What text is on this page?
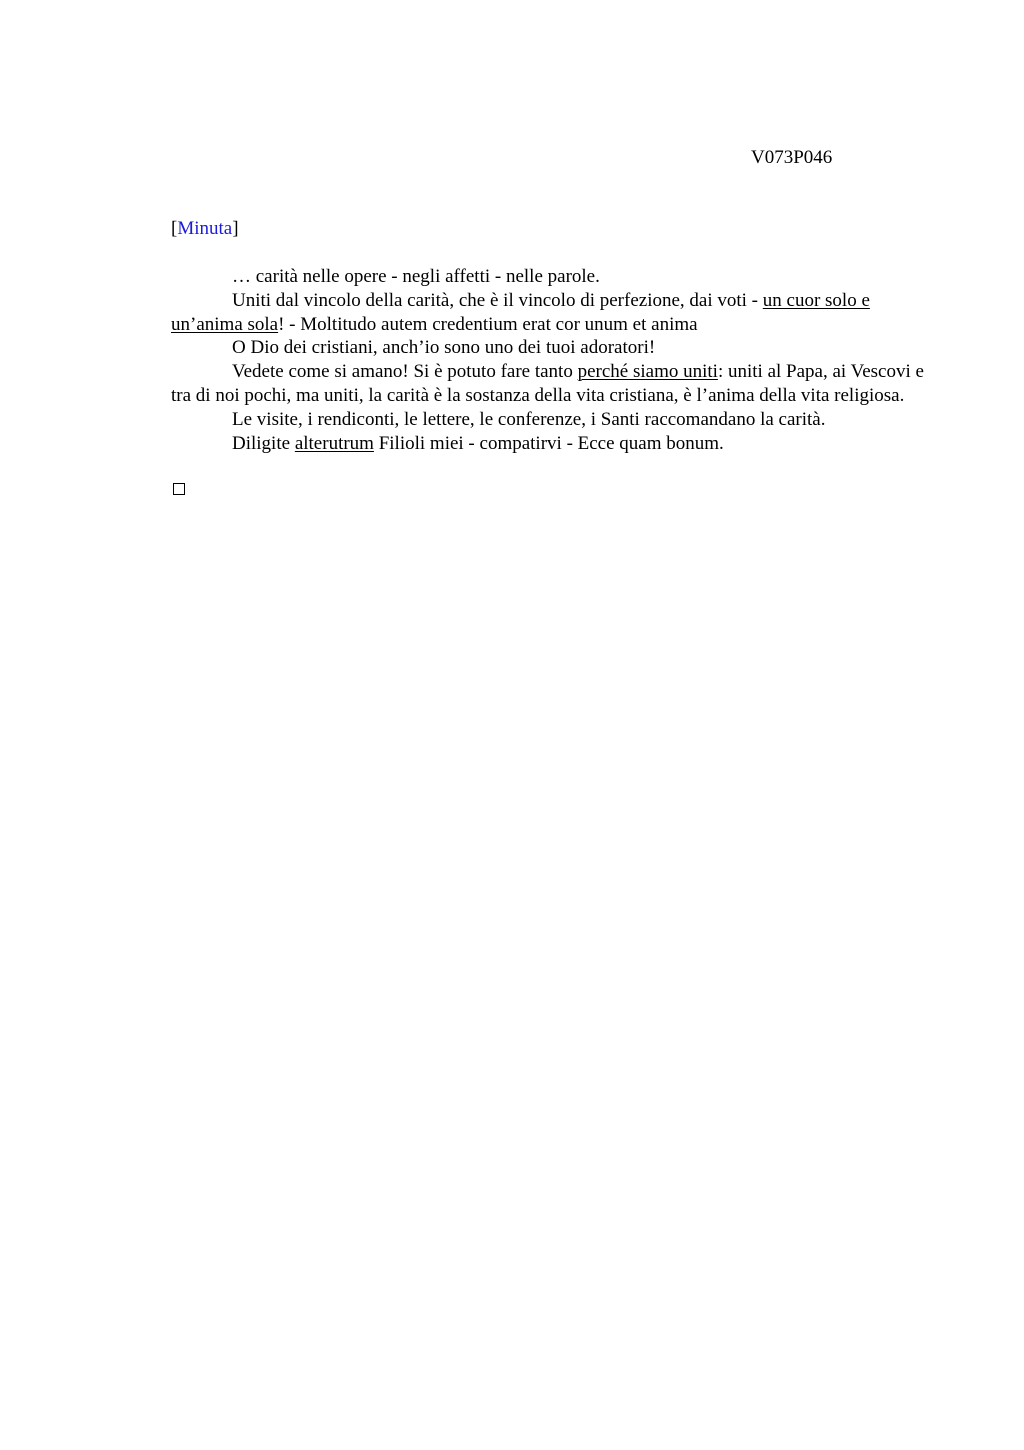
V073P046
[Minuta]

… carità nelle opere - negli affetti - nelle parole.

Uniti dal vincolo della carità, che è il vincolo di perfezione, dai voti - un cuor solo e un’anima sola! - Moltitudo autem credentium erat cor unum et anima

O Dio dei cristiani, anch’io sono uno dei tuoi adoratori!

Vedete come si amano! Si è potuto fare tanto perché siamo uniti: uniti al Papa, ai Vescovi e tra di noi pochi, ma uniti, la carità è la sostanza della vita cristiana, è l’anima della vita religiosa.

Le visite, i rendiconti, le lettere, le conferenze, i Santi raccomandano la carità.

Diligite alterutrum Filioli miei - compatirvi - Ecce quam bonum.
